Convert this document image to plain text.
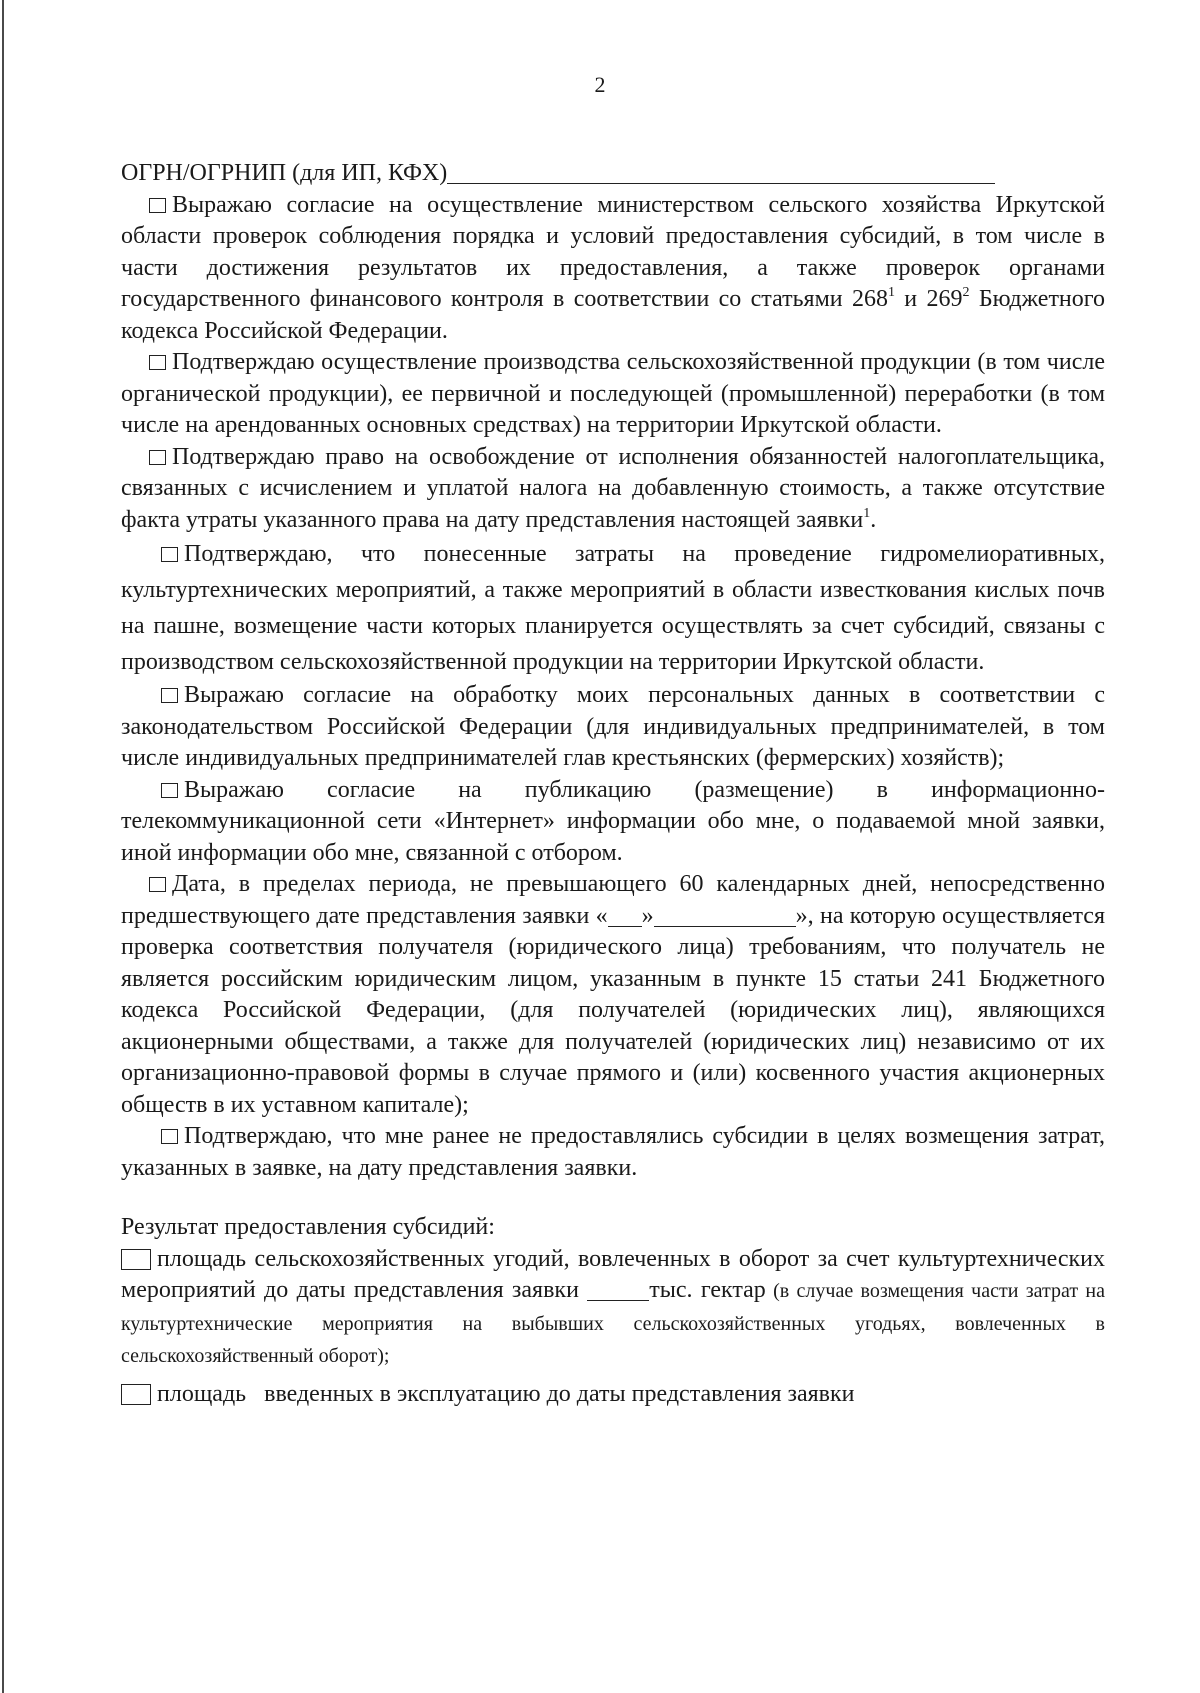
2

ОГРН/ОГРНИП (для ИП, КФХ)

Выражаю согласие на осуществление министерством сельского хозяйства Иркутской области проверок соблюдения порядка и условий предоставления субсидий, в том числе в части достижения результатов их предоставления, а также проверок органами государственного финансового контроля в соответствии со статьями $268^1$ и $269^2$ Бюджетного кодекса Российской Федерации.

Подтверждаю осуществление производства сельскохозяйственной продукции (в том числе органической продукции), ее первичной и последующей (промышленной) переработки (в том числе на арендованных основных средствах) на территории Иркутской области.

Подтверждаю право на освобождение от исполнения обязанностей налогоплательщика, связанных с исчислением и уплатой налога на добавленную стоимость, а также отсутствие факта утраты указанного права на дату представления настоящей заявки$^1$.

Подтверждаю, что понесенные затраты на проведение гидромелиоративных, культуртехнических мероприятий, а также мероприятий в области известкования кислых почв на пашне, возмещение части которых планируется осуществлять за счет субсидий, связаны с производством сельскохозяйственной продукции на территории Иркутской области.

Выражаю согласие на обработку моих персональных данных в соответствии с законодательством Российской Федерации (для индивидуальных предпринимателей, в том числе индивидуальных предпринимателей глав крестьянских (фермерских) хозяйств);

Выражаю согласие на публикацию (размещение) в информационно-телекоммуникационной сети «Интернет» информации обо мне, о подаваемой мной заявки, иной информации обо мне, связанной с отбором.

Дата, в пределах периода, не превышающего 60 календарных дней, непосредственно предшествующего дате представления заявки « »	», на которую осуществляется проверка соответствия получателя (юридического лица) требованиям, что получатель не является российским юридическим лицом, указанным в пункте 15 статьи 241 Бюджетного кодекса Российской Федерации, (для получателей (юридических лиц), являющихся акционерными обществами, а также для получателей (юридических лиц) независимо от их организационно-правовой формы в случае прямого и (или) косвенного участия акционерных обществ в их уставном капитале);

Подтверждаю, что мне ранее не предоставлялись субсидии в целях возмещения затрат, указанных в заявке, на дату представления заявки.

Результат предоставления субсидий:

площадь сельскохозяйственных угодий, вовлеченных в оборот за счет культуртехнических мероприятий до даты представления заявки	тыс. гектар (в случае возмещения части затрат на культуртехнические мероприятия на выбывших сельскохозяйственных угодьях, вовлеченных в сельскохозяйственный оборот);

площадь   введенных в эксплуатацию до даты представления заявки
